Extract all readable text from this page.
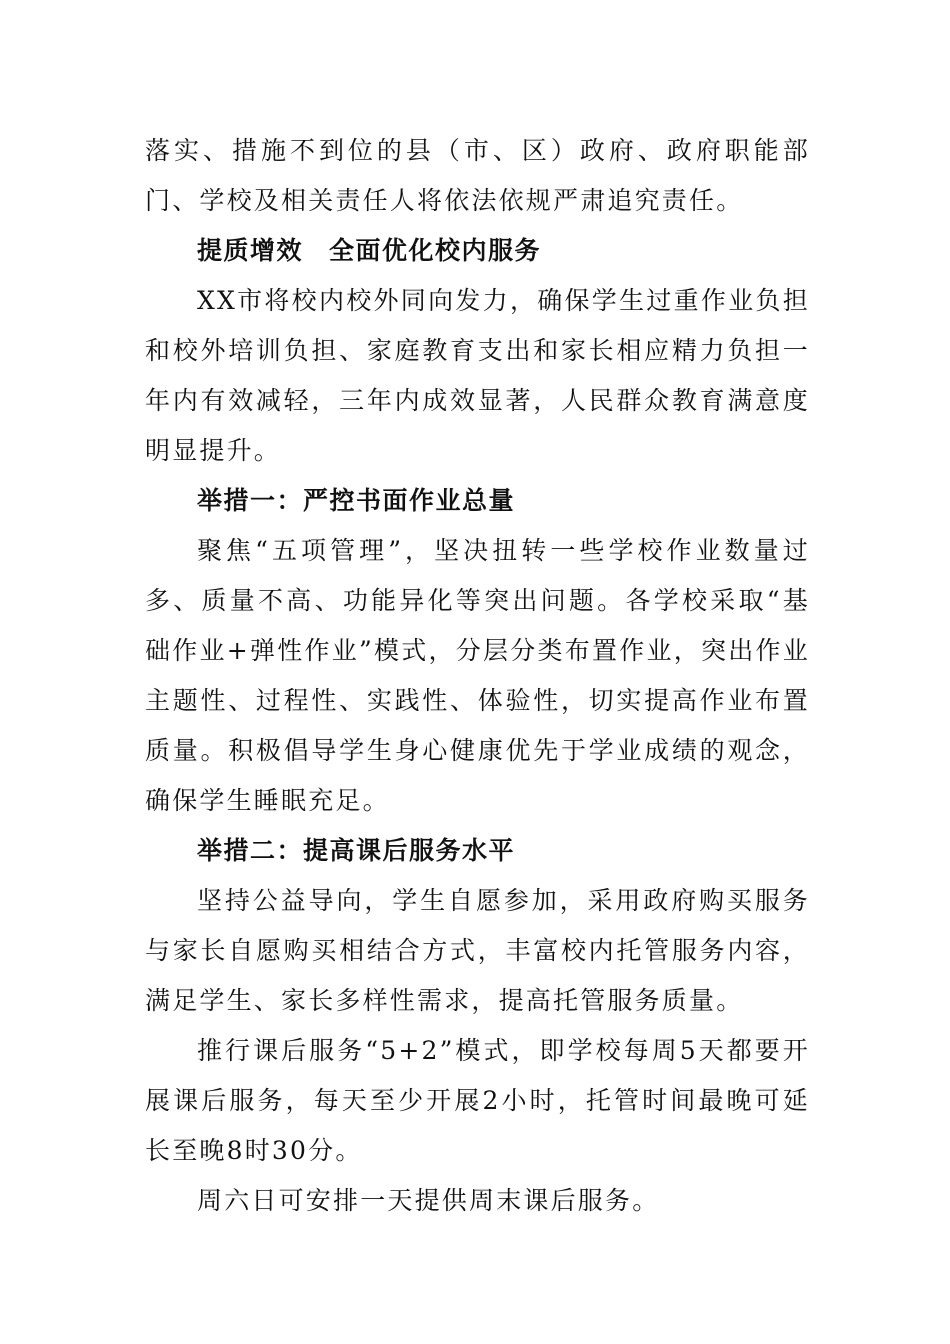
落实、措施不到位的县（市、区）政府、政府职能部门、学校及相关责任人将依法依规严肃追究责任。

提质增效 全面优化校内服务

XX市将校内校外同向发力，确保学生过重作业负担和校外培训负担、家庭教育支出和家长相应精力负担一年内有效减轻，三年内成效显著，人民群众教育满意度明显提升。

举措一：严控书面作业总量

聚焦“五项管理”，坚决扭转一些学校作业数量过多、质量不高、功能异化等突出问题。各学校采取“基础作业+弹性作业”模式，分层分类布置作业，突出作业主题性、过程性、实践性、体验性，切实提高作业布置质量。积极倡导学生身心健康优先于学业成绩的观念，确保学生睡眠充足。

举措二：提高课后服务水平

坚持公益导向，学生自愿参加，采用政府购买服务与家长自愿购买相结合方式，丰富校内托管服务内容，满足学生、家长多样性需求，提高托管服务质量。

推行课后服务“5+2”模式，即学校每周5天都要开展课后服务，每天至少开展2小时，托管时间最晚可延长至晚8时30分。

周六日可安排一天提供周末课后服务。
